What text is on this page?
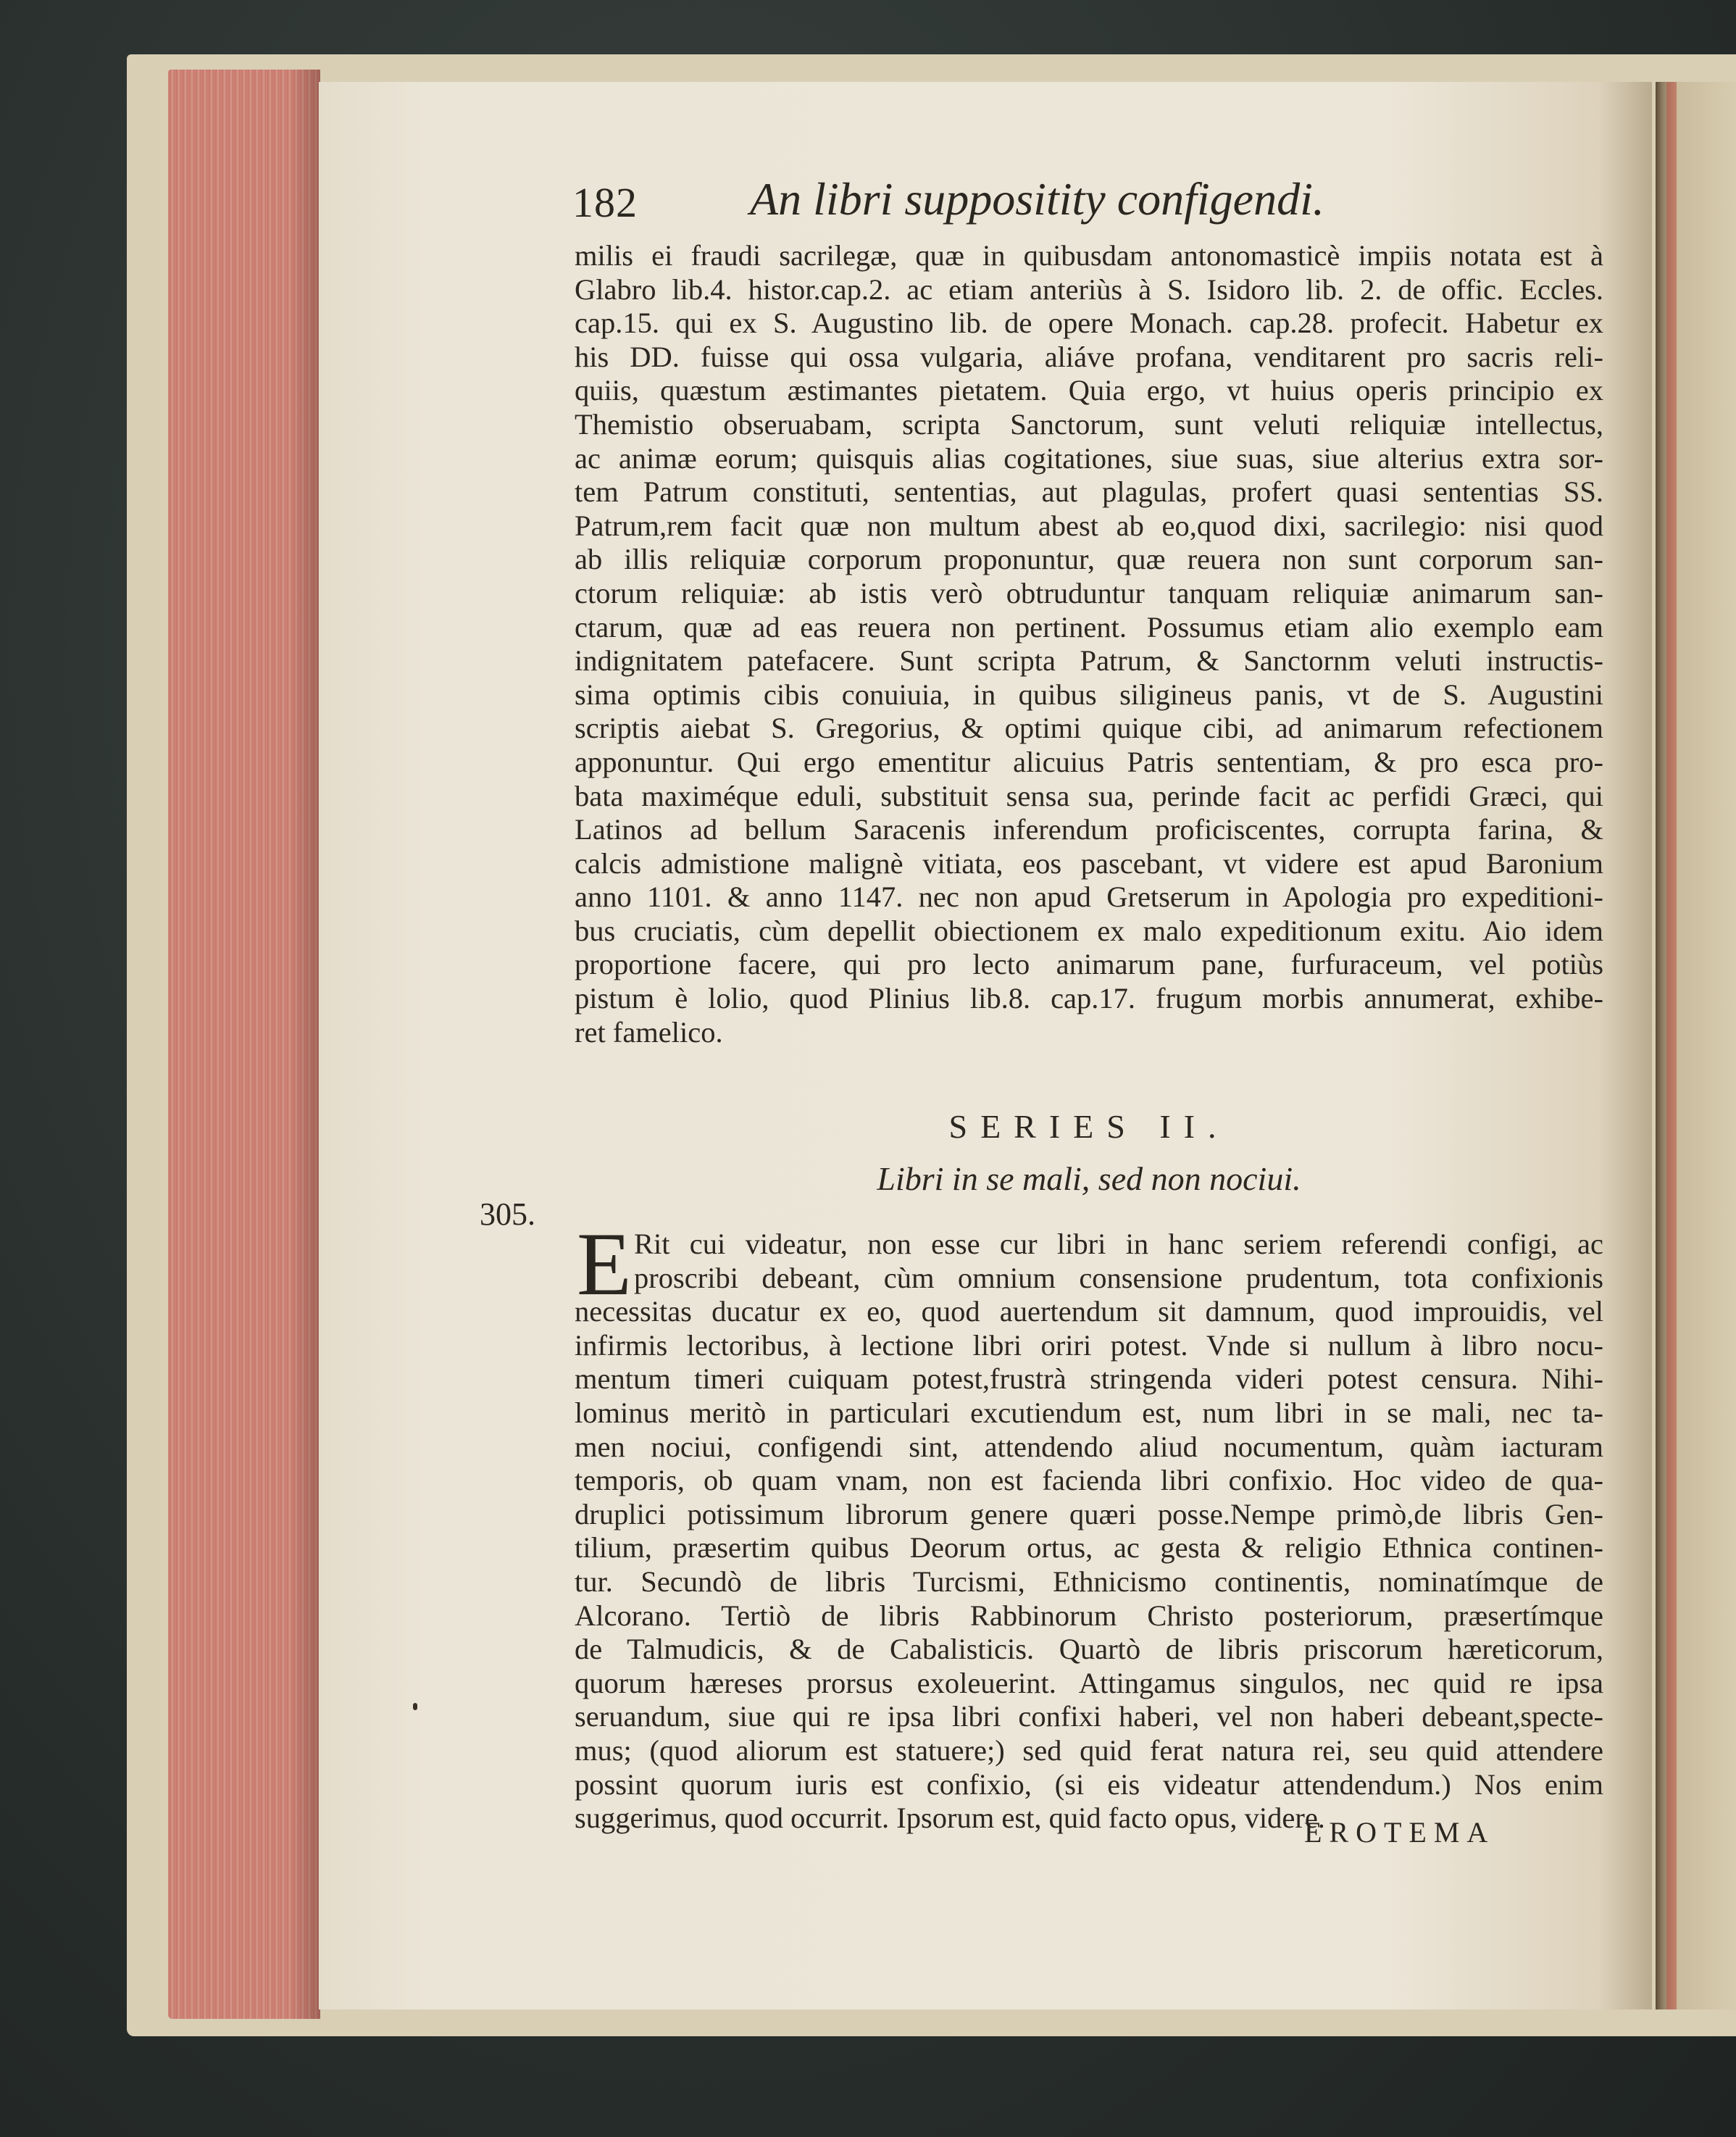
182 An libri suppositity configendi.
milis ei fraudi sacrilegæ, quæ in quibusdam antonomasticè impiis notata est à
Glabro lib.4. histor.cap.2. ac etiam anteriùs à S. Isidoro lib. 2. de offic. Eccles.
cap.15. qui ex S. Augustino lib. de opere Monach. cap.28. profecit. Habetur ex
his DD. fuisse qui ossa vulgaria, aliáve profana, venditarent pro sacris reli-
quiis, quæstum æstimantes pietatem. Quia ergo, vt huius operis principio ex
Themistio obseruabam, scripta Sanctorum, sunt veluti reliquiæ intellectus,
ac animæ eorum; quisquis alias cogitationes, siue suas, siue alterius extra sor-
tem Patrum constituti, sententias, aut plagulas, profert quasi sententias SS.
Patrum,rem facit quæ non multum abest ab eo,quod dixi, sacrilegio: nisi quod
ab illis reliquiæ corporum proponuntur, quæ reuera non sunt corporum san-
ctorum reliquiæ: ab istis verò obtruduntur tanquam reliquiæ animarum san-
ctarum, quæ ad eas reuera non pertinent. Possumus etiam alio exemplo eam
indignitatem patefacere. Sunt scripta Patrum, & Sanctornm veluti instructis-
sima optimis cibis conuiuia, in quibus siligineus panis, vt de S. Augustini
scriptis aiebat S. Gregorius, & optimi quique cibi, ad animarum refectionem
apponuntur. Qui ergo ementitur alicuius Patris sententiam, & pro esca pro-
bata maximéque eduli, substituit sensa sua, perinde facit ac perfidi Græci, qui
Latinos ad bellum Saracenis inferendum proficiscentes, corrupta farina, &
calcis admistione malignè vitiata, eos pascebant, vt videre est apud Baronium
anno 1101. & anno 1147. nec non apud Gretserum in Apologia pro expeditioni-
bus cruciatis, cùm depellit obiectionem ex malo expeditionum exitu. Aio idem
proportione facere, qui pro lecto animarum pane, furfuraceum, vel potiùs
pistum è lolio, quod Plinius lib.8. cap.17. frugum morbis annumerat, exhibe-
ret famelico.
SERIES II.
Libri in se mali, sed non nociui.
305.
E Rit cui videatur, non esse cur libri in hanc seriem referendi configi, ac
proscribi debeant, cùm omnium consensione prudentum, tota confixionis
necessitas ducatur ex eo, quod auertendum sit damnum, quod improuidis, vel
infirmis lectoribus, à lectione libri oriri potest. Vnde si nullum à libro nocu-
mentum timeri cuiquam potest,frustrà stringenda videri potest censura. Nihi-
lominus meritò in particulari excutiendum est, num libri in se mali, nec ta-
men nociui, configendi sint, attendendo aliud nocumentum, quàm iacturam
temporis, ob quam vnam, non est facienda libri confixio. Hoc video de qua-
druplici potissimum librorum genere quæri posse.Nempe primò,de libris Gen-
tilium, præsertim quibus Deorum ortus, ac gesta & religio Ethnica continen-
tur. Secundò de libris Turcismi, Ethnicismo continentis, nominatímque de
Alcorano. Tertiò de libris Rabbinorum Christo posteriorum, præsertímque
de Talmudicis, & de Cabalisticis. Quartò de libris priscorum hæreticorum,
quorum hæreses prorsus exoleuerint. Attingamus singulos, nec quid re ipsa
seruandum, siue qui re ipsa libri confixi haberi, vel non haberi debeant,specte-
mus; (quod aliorum est statuere;) sed quid ferat natura rei, seu quid attendere
possint quorum iuris est confixio, (si eis videatur attendendum.) Nos enim
suggerimus, quod occurrit. Ipsorum est, quid facto opus, videre.
EROTEMA
